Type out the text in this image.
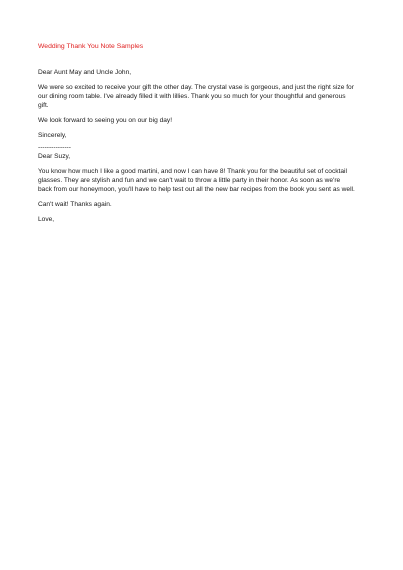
Wedding Thank You Note Samples
Dear Aunt May and Uncle John,
We were so excited to receive your gift the other day. The crystal vase is gorgeous, and just the right size for
our dining room table. I've already filled it with lillies. Thank you so much for your thoughtful and generous
gift.
We look forward to seeing you on our big day!
Sincerely,
---------------
Dear Suzy,
You know how much I like a good martini, and now I can have 8! Thank you for the beautiful set of cocktail
glasses. They are stylish and fun and we can't wait to throw a little party in their honor. As soon as we're
back from our honeymoon, you'll have to help test out all the new bar recipes from the book you sent as well.
Can't wait! Thanks again.
Love,
